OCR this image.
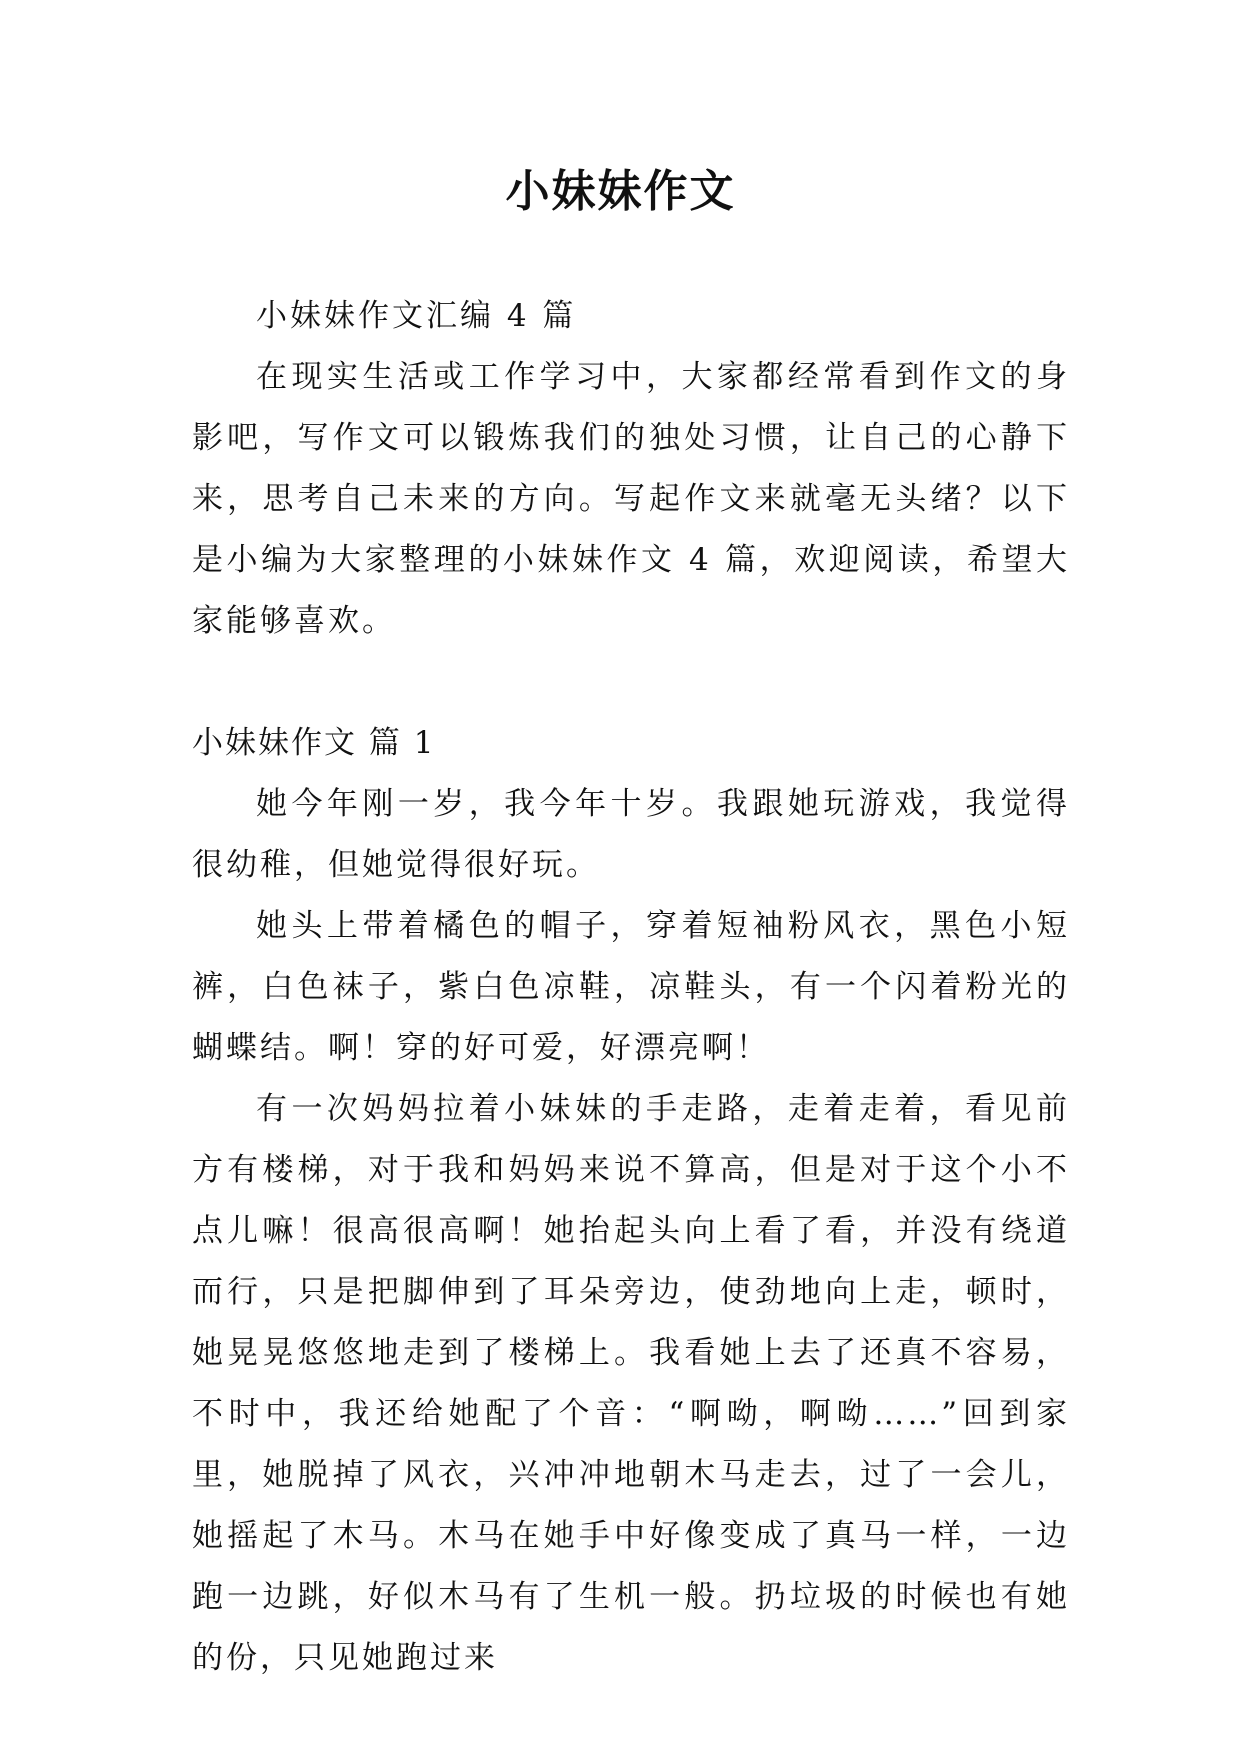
小妹妹作文

小妹妹作文汇编 4 篇

在现实生活或工作学习中，大家都经常看到作文的身影吧，写作文可以锻炼我们的独处习惯，让自己的心静下来，思考自己未来的方向。写起作文来就毫无头绪？以下是小编为大家整理的小妹妹作文 4 篇，欢迎阅读，希望大家能够喜欢。

小妹妹作文 篇 1

她今年刚一岁，我今年十岁。我跟她玩游戏，我觉得很幼稚，但她觉得很好玩。

她头上带着橘色的帽子，穿着短袖粉风衣，黑色小短裤，白色袜子，紫白色凉鞋，凉鞋头，有一个闪着粉光的蝴蝶结。啊！穿的好可爱，好漂亮啊！

有一次妈妈拉着小妹妹的手走路，走着走着，看见前方有楼梯，对于我和妈妈来说不算高，但是对于这个小不点儿嘛！很高很高啊！她抬起头向上看了看，并没有绕道而行，只是把脚伸到了耳朵旁边，使劲地向上走，顿时，她晃晃悠悠地走到了楼梯上。我看她上去了还真不容易，不时中，我还给她配了个音：“啊呦，啊呦……”回到家里，她脱掉了风衣，兴冲冲地朝木马走去，过了一会儿，她摇起了木马。木马在她手中好像变成了真马一样，一边跑一边跳，好似木马有了生机一般。扔垃圾的时候也有她的份，只见她跑过来
